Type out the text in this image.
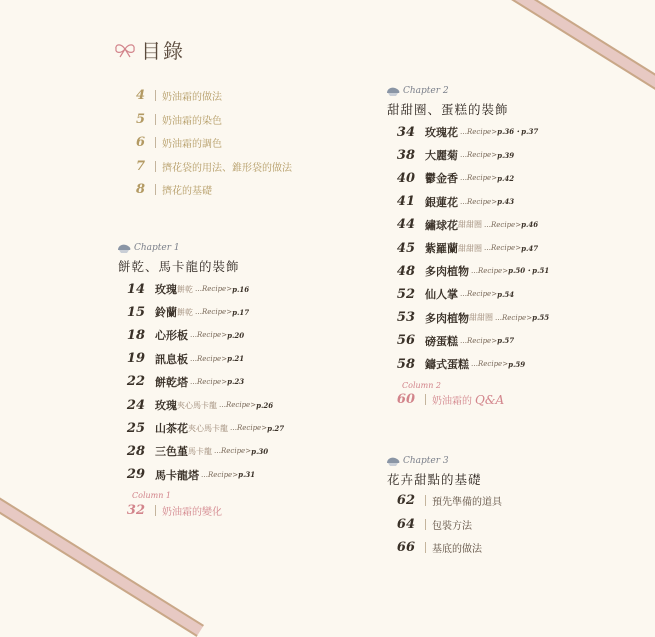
目錄
4 奶油霜的做法
5 奶油霜的染色
6 奶油霜的調色
7 擠花袋的用法、錐形袋的做法
8 擠花的基礎
Chapter 1
餅乾、馬卡龍的裝飾
14 玫瑰 餅乾 … Recipe > p.16
15 鈴蘭 餅乾 … Recipe > p.17
18 心形板 … Recipe > p.20
19 訊息板 … Recipe > p.21
22 餅乾塔 … Recipe > p.23
24 玫瑰 夾心馬卡龍 … Recipe > p.26
25 山茶花 夾心馬卡龍 … Recipe > p.27
28 三色堇 馬卡龍 … Recipe > p.30
29 馬卡龍塔 … Recipe > p.31
Column 1
32 奶油霜的變化
Chapter 2
甜甜圈、蛋糕的裝飾
34 玫瑰花 … Recipe > p.36・p.37
38 大麗菊 … Recipe > p.39
40 鬱金香 … Recipe > p.42
41 銀蓮花 … Recipe > p.43
44 繡球花 甜甜圈 … Recipe > p.46
45 紫羅蘭 甜甜圈 … Recipe > p.47
48 多肉植物 … Recipe > p.50・p.51
52 仙人掌 … Recipe > p.54
53 多肉植物 甜甜圈 … Recipe > p.55
56 磅蛋糕 … Recipe > p.57
58 鑄式蛋糕 … Recipe > p.59
Column 2
60 奶油霜的 Q&A
Chapter 3
花卉甜點的基礎
62 預先準備的道具
64 包裝方法
66 基底的做法
